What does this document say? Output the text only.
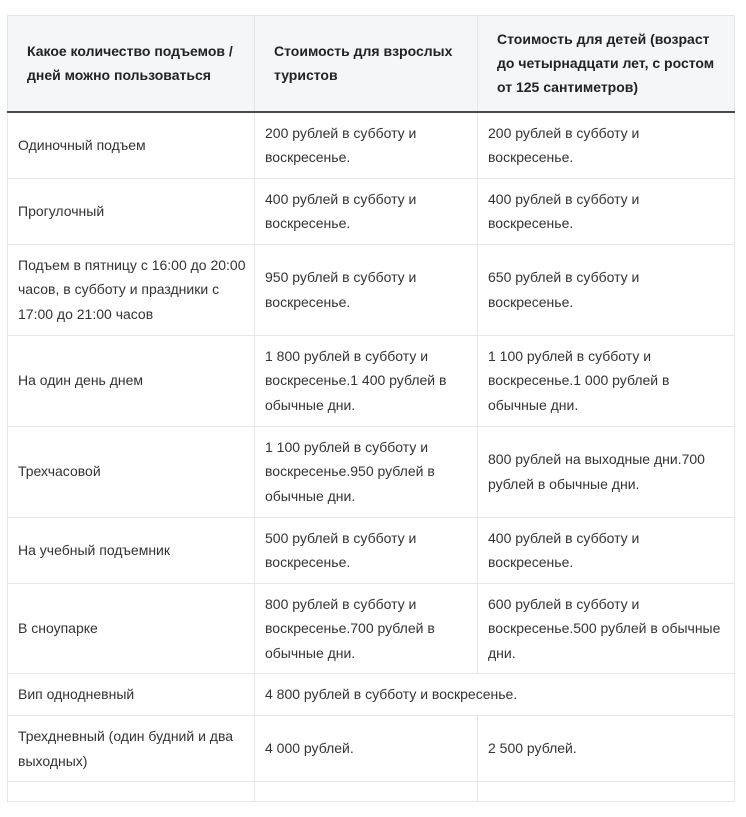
Какое количество подъемов / дней можно пользоваться	Стоимость для взрослых туристов	Стоимость для детей (возраст до четырнадцати лет, с ростом от 125 сантиметров)
Одиночный подъем	200 рублей в субботу и воскресенье.	200 рублей в субботу и воскресенье.
Прогулочный	400 рублей в субботу и воскресенье.	400 рублей в субботу и воскресенье.
Подъем в пятницу с 16:00 до 20:00 часов, в субботу и праздники с 17:00 до 21:00 часов	950 рублей в субботу и воскресенье.	650 рублей в субботу и воскресенье.
На один день днем	1 800 рублей в субботу и воскресенье.1 400 рублей в обычные дни.	1 100 рублей в субботу и воскресенье.1 000 рублей в обычные дни.
Трехчасовой	1 100 рублей в субботу и воскресенье.950 рублей в обычные дни.	800 рублей на выходные дни.700 рублей в обычные дни.
На учебный подъемник	500 рублей в субботу и воскресенье.	400 рублей в субботу и воскресенье.
В сноупарке	800 рублей в субботу и воскресенье.700 рублей в обычные дни.	600 рублей в субботу и воскресенье.500 рублей в обычные дни.
Вип однодневный	4 800 рублей в субботу и воскресенье.	
Трехдневный (один будний и два выходных)	4 000 рублей.	2 500 рублей.
